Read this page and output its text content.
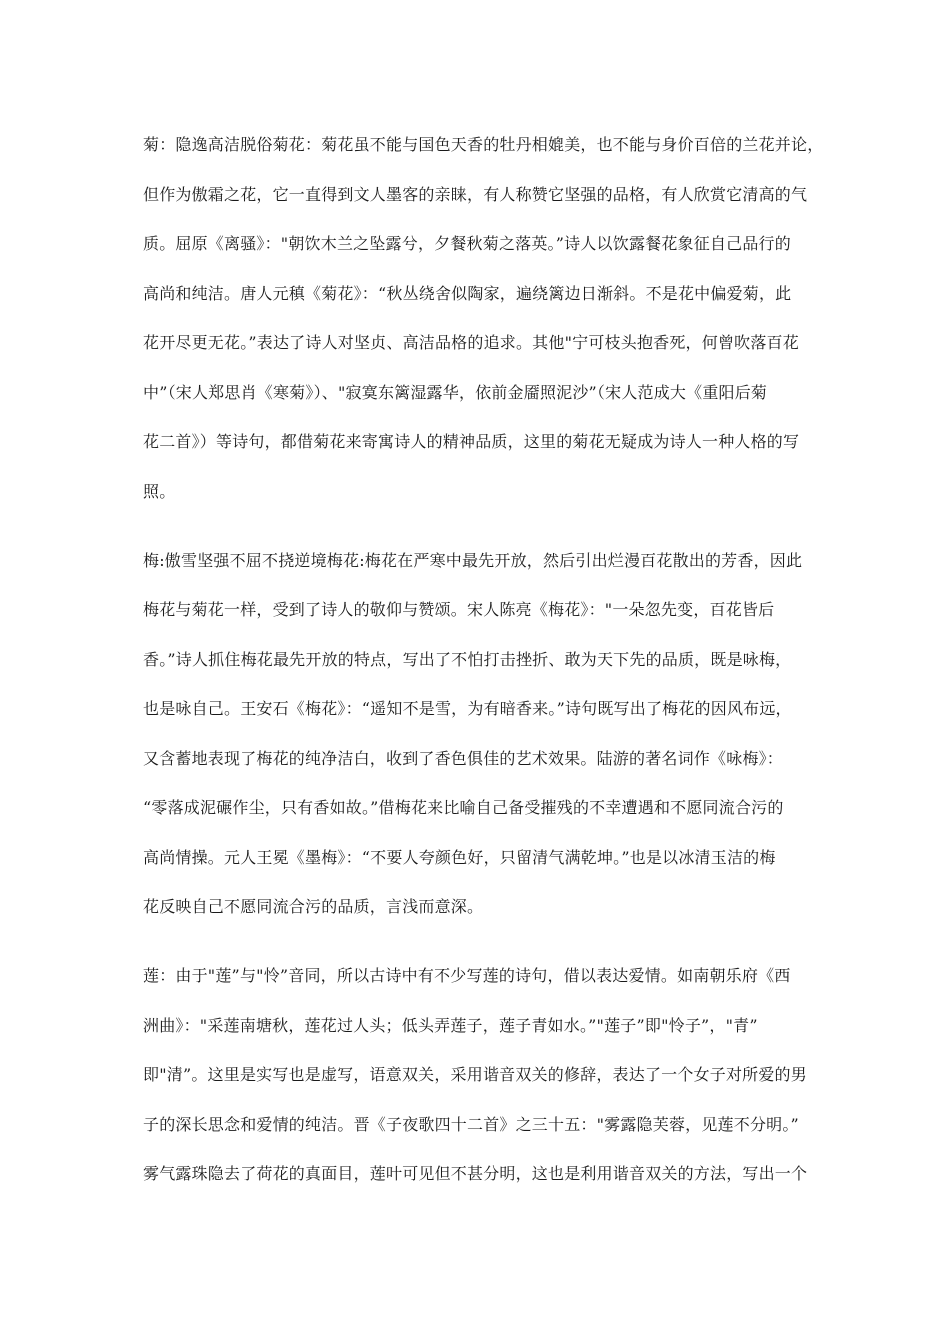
菊：隐逸高洁脱俗菊花：菊花虽不能与国色天香的牡丹相媲美，也不能与身价百倍的兰花并论，
但作为傲霜之花，它一直得到文人墨客的亲睐，有人称赞它坚强的品格，有人欣赏它清高的气
质。屈原《离骚》："朝饮木兰之坠露兮，夕餐秋菊之落英。”诗人以饮露餐花象征自己品行的
高尚和纯洁。唐人元稹《菊花》：“秋丛绕舍似陶家，遍绕篱边日渐斜。不是花中偏爱菊，此
花开尽更无花。”表达了诗人对坚贞、高洁品格的追求。其他"宁可枝头抱香死，何曾吹落百花
中”（宋人郑思肖《寒菊》）、"寂寞东篱湿露华，依前金靥照泥沙”（宋人范成大《重阳后菊
花二首》）等诗句，都借菊花来寄寓诗人的精神品质，这里的菊花无疑成为诗人一种人格的写
照。
梅:傲雪坚强不屈不挠逆境梅花:梅花在严寒中最先开放，然后引出烂漫百花散出的芳香，因此
梅花与菊花一样，受到了诗人的敬仰与赞颂。宋人陈亮《梅花》："一朵忽先变，百花皆后
香。”诗人抓住梅花最先开放的特点，写出了不怕打击挫折、敢为天下先的品质，既是咏梅，
也是咏自己。王安石《梅花》：“遥知不是雪，为有暗香来。”诗句既写出了梅花的因风布远，
又含蓄地表现了梅花的纯净洁白，收到了香色俱佳的艺术效果。陆游的著名词作《咏梅》：
“零落成泥碾作尘，只有香如故。”借梅花来比喻自己备受摧残的不幸遭遇和不愿同流合污的
高尚情操。元人王冕《墨梅》：“不要人夸颜色好，只留清气满乾坤。”也是以冰清玉洁的梅
花反映自己不愿同流合污的品质，言浅而意深。
莲：由于"莲”与"怜”音同，所以古诗中有不少写莲的诗句，借以表达爱情。如南朝乐府《西
洲曲》："采莲南塘秋，莲花过人头；低头弄莲子，莲子青如水。”"莲子”即"怜子”，"青”
即"清”。这里是实写也是虚写，语意双关，采用谐音双关的修辞，表达了一个女子对所爱的男
子的深长思念和爱情的纯洁。晋《子夜歌四十二首》之三十五："雾露隐芙蓉，见莲不分明。”
雾气露珠隐去了荷花的真面目，莲叶可见但不甚分明，这也是利用谐音双关的方法，写出一个
